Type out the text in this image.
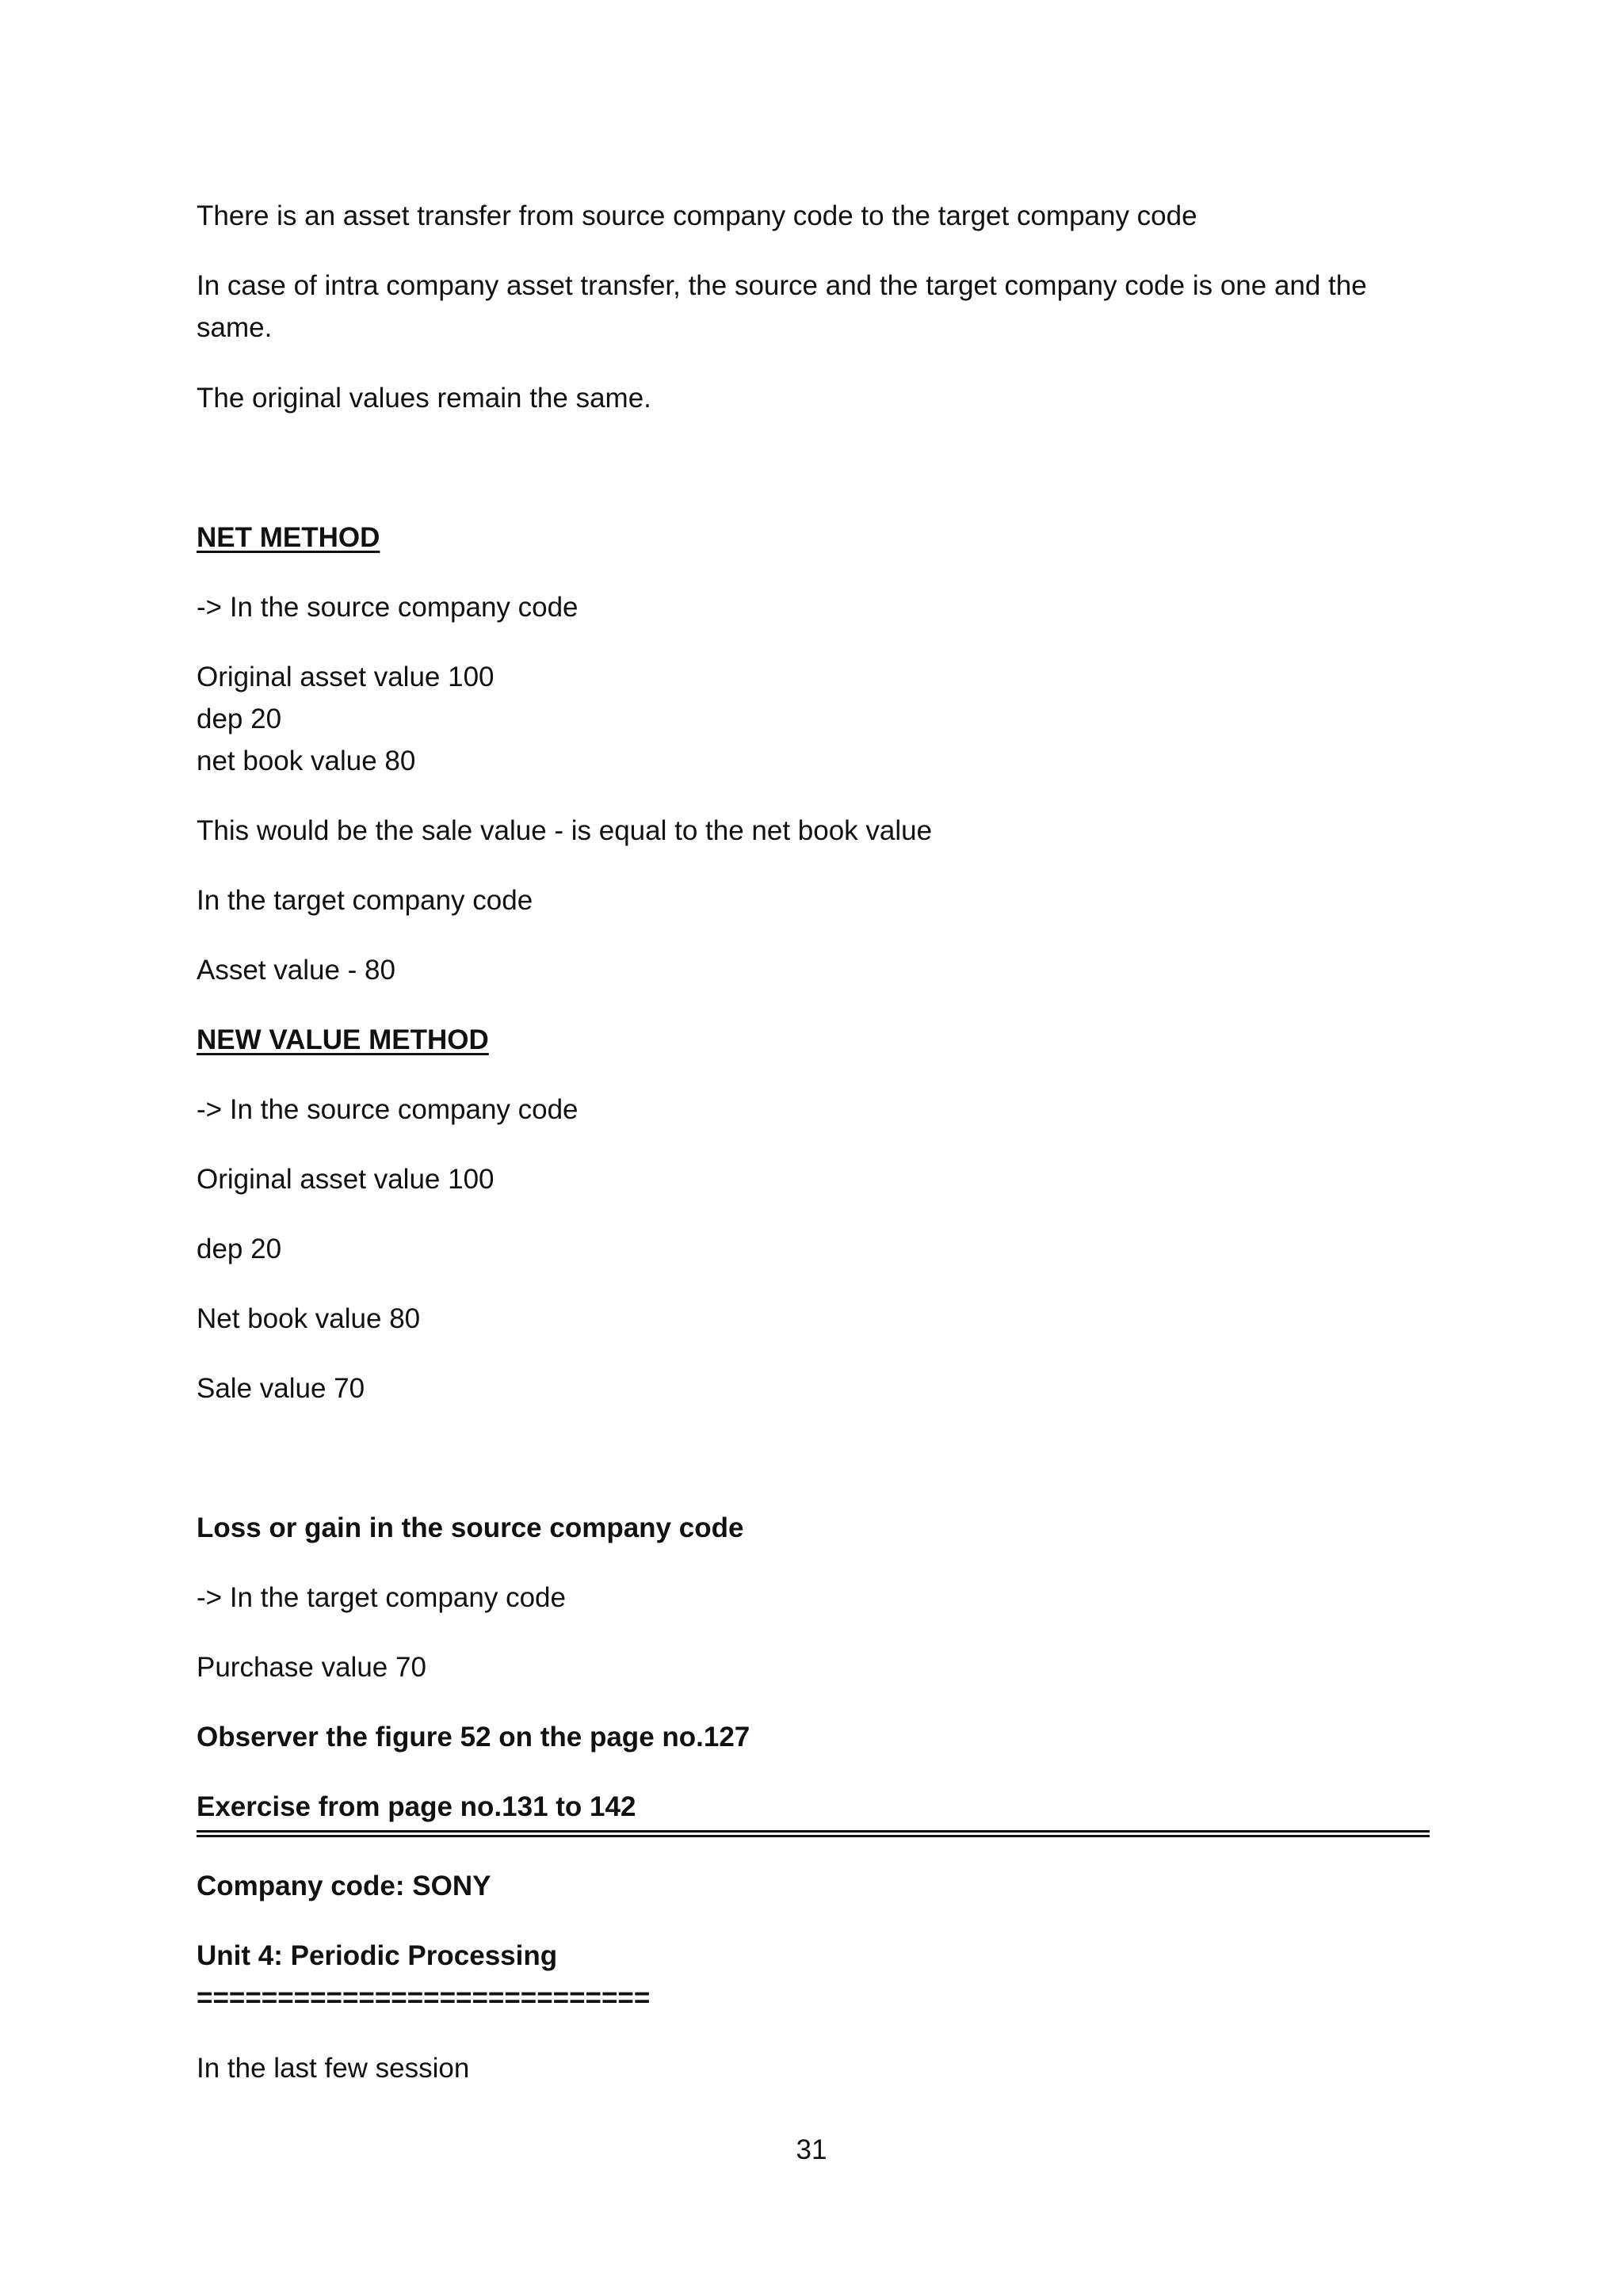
There is an asset transfer from source company code to the target company code

In case of intra company asset transfer, the source and the target company code is one and the same.

The original values remain the same.

NET METHOD

-> In the source company code

Original asset value 100

dep 20

net book value 80

This would be the sale value - is equal to the net book value

In the target company code

Asset value - 80

NEW VALUE METHOD

-> In the source company code

Original asset value 100

dep 20

Net book value 80

Sale value 70

Loss or gain in the source company code

-> In the target company code

Purchase value 70

Observer the figure 52 on the page no.127

Exercise from page no.131 to 142

Company code: SONY

Unit 4: Periodic Processing

============================

In the last few session

31
